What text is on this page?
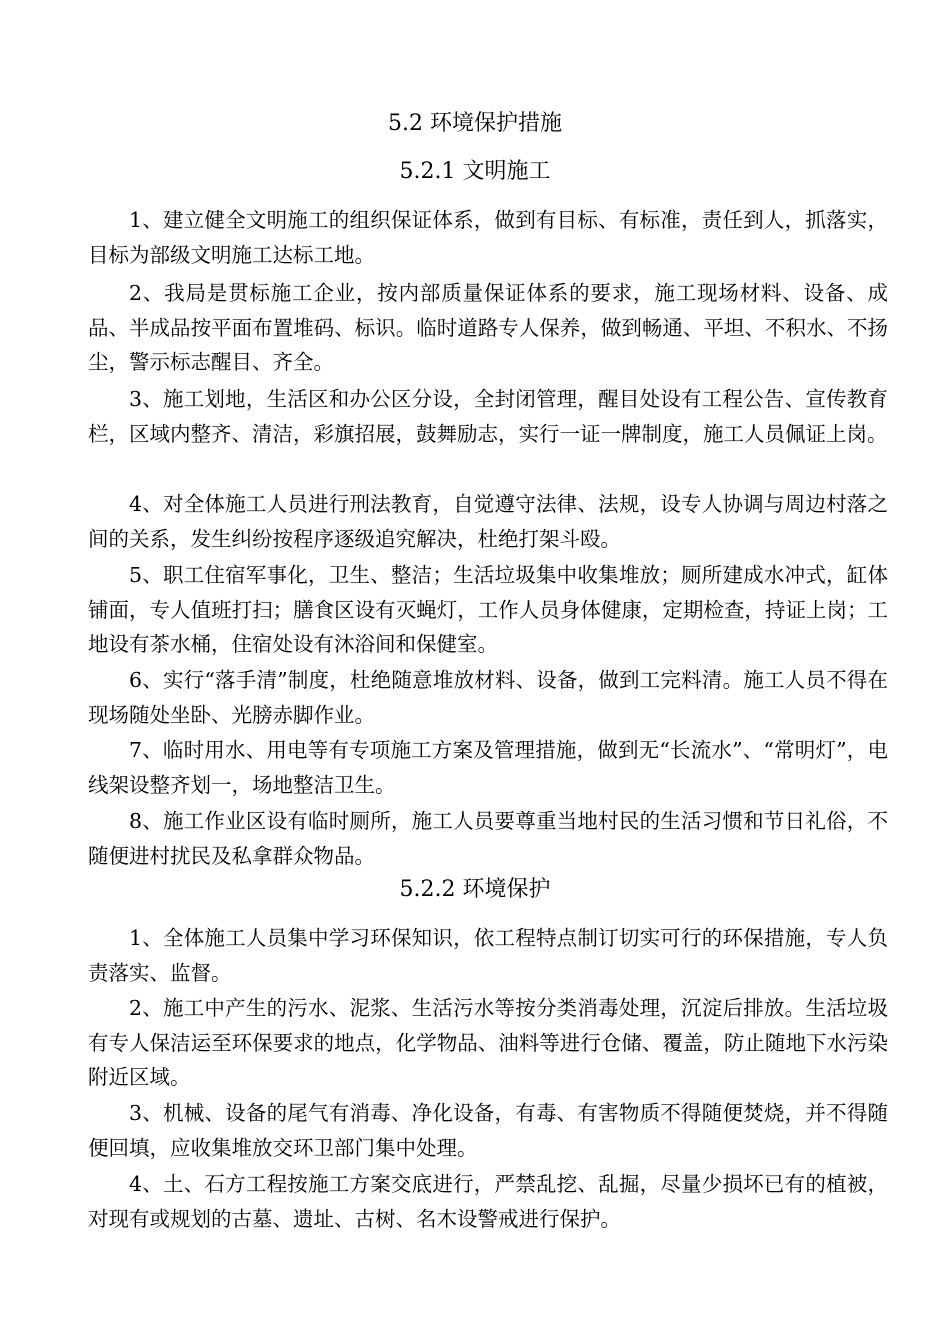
5.2 环境保护措施
5.2.1 文明施工

1、建立健全文明施工的组织保证体系，做到有目标、有标准，责任到人，抓落实，目标为部级文明施工达标工地。

2、我局是贯标施工企业，按内部质量保证体系的要求，施工现场材料、设备、成品、半成品按平面布置堆码、标识。临时道路专人保养，做到畅通、平坦、不积水、不扬尘，警示标志醒目、齐全。

3、施工划地，生活区和办公区分设，全封闭管理，醒目处设有工程公告、宣传教育栏，区域内整齐、清洁，彩旗招展，鼓舞励志，实行一证一牌制度，施工人员佩证上岗。

4、对全体施工人员进行刑法教育，自觉遵守法律、法规，设专人协调与周边村落之间的关系，发生纠纷按程序逐级追究解决，杜绝打架斗殴。

5、职工住宿军事化，卫生、整洁；生活垃圾集中收集堆放；厕所建成水冲式，缸体铺面，专人值班打扫；膳食区设有灭蝇灯，工作人员身体健康，定期检查，持证上岗；工地设有茶水桶，住宿处设有沐浴间和保健室。

6、实行“落手清”制度，杜绝随意堆放材料、设备，做到工完料清。施工人员不得在现场随处坐卧、光膀赤脚作业。

7、临时用水、用电等有专项施工方案及管理措施，做到无“长流水”、“常明灯”，电线架设整齐划一，场地整洁卫生。

8、施工作业区设有临时厕所，施工人员要尊重当地村民的生活习惯和节日礼俗，不随便进村扰民及私拿群众物品。

5.2.2 环境保护

1、全体施工人员集中学习环保知识，依工程特点制订切实可行的环保措施，专人负责落实、监督。

2、施工中产生的污水、泥浆、生活污水等按分类消毒处理，沉淀后排放。生活垃圾有专人保洁运至环保要求的地点，化学物品、油料等进行仓储、覆盖，防止随地下水污染附近区域。

3、机械、设备的尾气有消毒、净化设备，有毒、有害物质不得随便焚烧，并不得随便回填，应收集堆放交环卫部门集中处理。

4、土、石方工程按施工方案交底进行，严禁乱挖、乱掘，尽量少损坏已有的植被，对现有或规划的古墓、遗址、古树、名木设警戒进行保护。
